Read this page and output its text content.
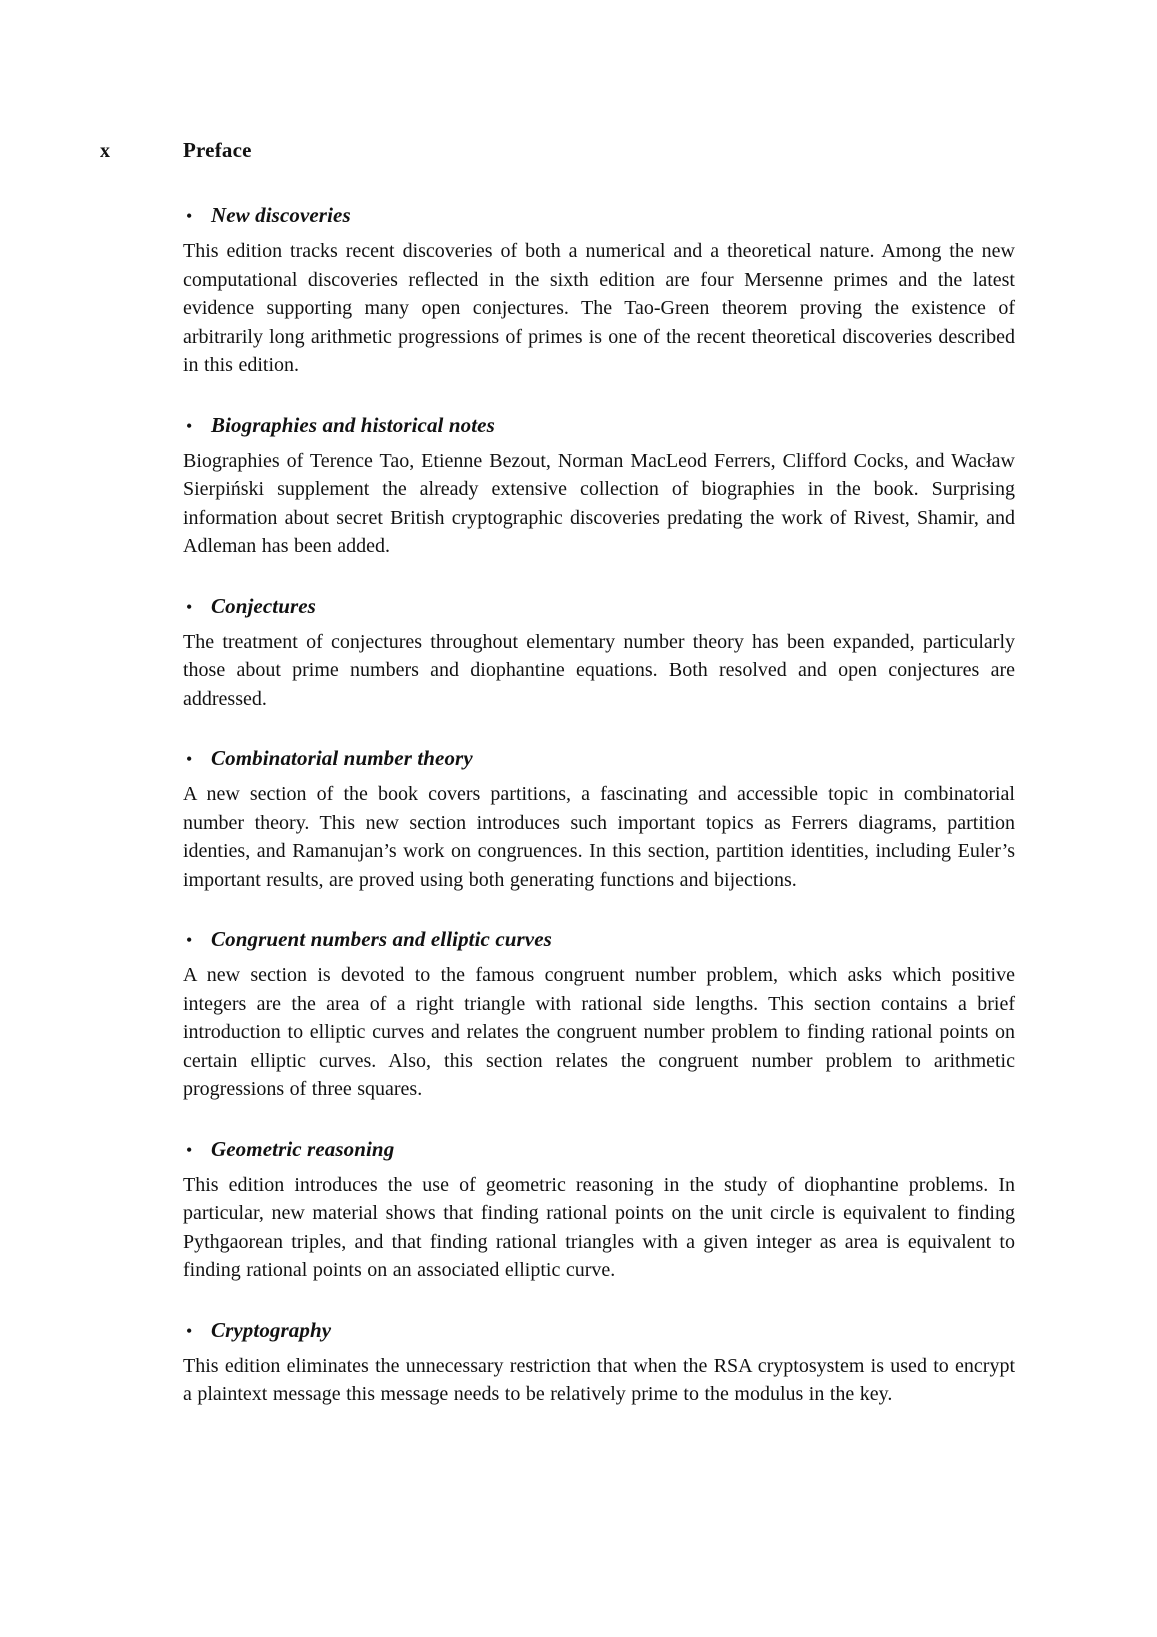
x	Preface
• New discoveries

This edition tracks recent discoveries of both a numerical and a theoretical nature. Among the new computational discoveries reflected in the sixth edition are four Mersenne primes and the latest evidence supporting many open conjectures. The Tao-Green theorem proving the existence of arbitrarily long arithmetic progressions of primes is one of the recent theoretical discoveries described in this edition.

• Biographies and historical notes

Biographies of Terence Tao, Etienne Bezout, Norman MacLeod Ferrers, Clifford Cocks, and Wacław Sierpiński supplement the already extensive collection of biographies in the book. Surprising information about secret British cryptographic discoveries predating the work of Rivest, Shamir, and Adleman has been added.

• Conjectures

The treatment of conjectures throughout elementary number theory has been expanded, particularly those about prime numbers and diophantine equations. Both resolved and open conjectures are addressed.

• Combinatorial number theory

A new section of the book covers partitions, a fascinating and accessible topic in combinatorial number theory. This new section introduces such important topics as Ferrers diagrams, partition identies, and Ramanujan’s work on congruences. In this section, partition identities, including Euler’s important results, are proved using both generating functions and bijections.

• Congruent numbers and elliptic curves

A new section is devoted to the famous congruent number problem, which asks which positive integers are the area of a right triangle with rational side lengths. This section contains a brief introduction to elliptic curves and relates the congruent number problem to finding rational points on certain elliptic curves. Also, this section relates the congruent number problem to arithmetic progressions of three squares.

• Geometric reasoning

This edition introduces the use of geometric reasoning in the study of diophantine problems. In particular, new material shows that finding rational points on the unit circle is equivalent to finding Pythgaorean triples, and that finding rational triangles with a given integer as area is equivalent to finding rational points on an associated elliptic curve.

• Cryptography

This edition eliminates the unnecessary restriction that when the RSA cryptosystem is used to encrypt a plaintext message this message needs to be relatively prime to the modulus in the key.
